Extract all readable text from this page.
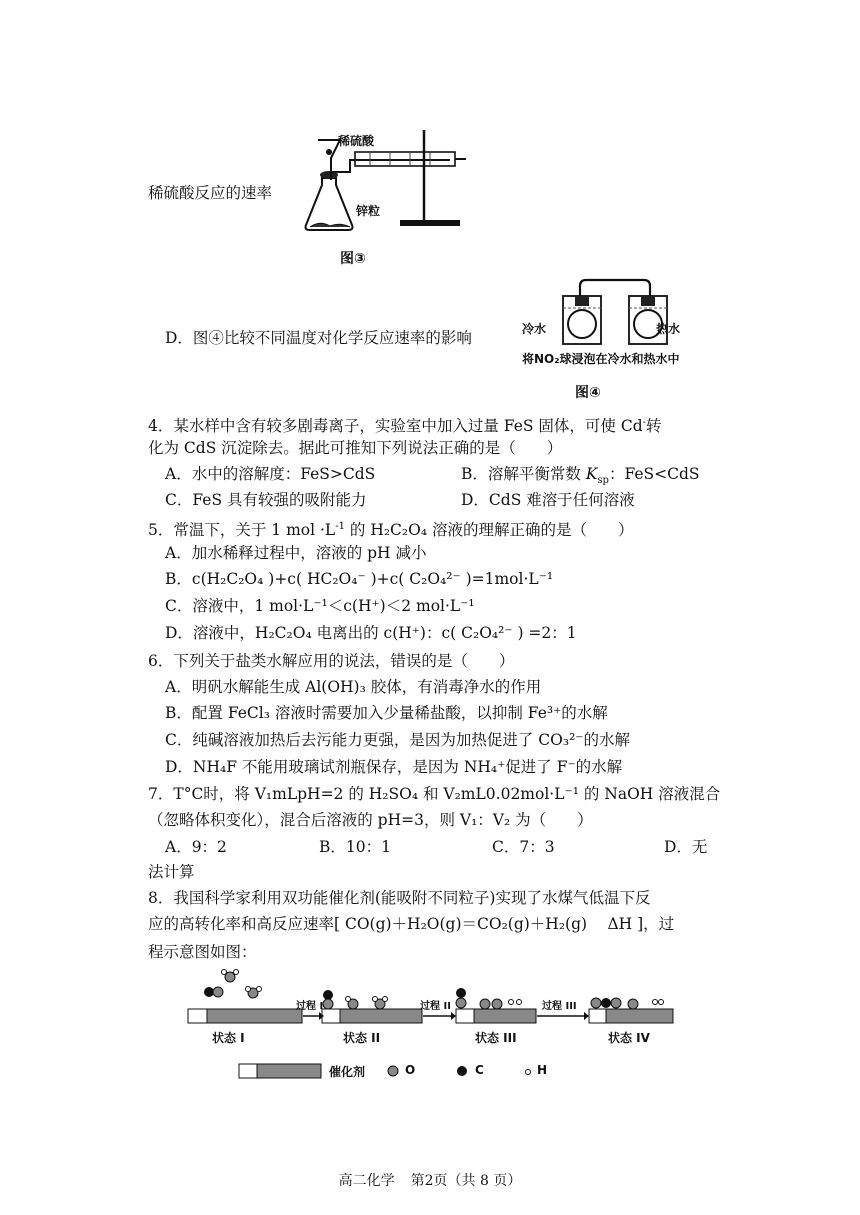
稀硫酸反应的速率
稀硫酸
锌粒
图③
D．图④比较不同温度对化学反应速率的影响	冷水	热水
将NO₂球浸泡在冷水和热水中
图④
4．某水样中含有较多剧毒离子，实验室中加入过量 FeS 固体，可使 Cd-转
化为 CdS 沉淀除去。据此可推知下列说法正确的是（　　）
A．水中的溶解度：FeS>CdS	B．溶解平衡常数 $K_{sp}$：FeS<CdS
C．FeS 具有较强的吸附能力	D．CdS 难溶于任何溶液
5．常温下，关于 1 mol $\cdot L^{-1}$ 的 H₂C₂O₄ 溶液的理解正确的是（　　）
A．加水稀释过程中，溶液的 pH 减小
B．c(H₂C₂O₄ )+c( HC₂O₄⁻ )+c( C₂O₄²⁻ )=1mol·L⁻¹
C．溶液中，1 mol·L⁻¹＜c(H⁺)＜2 mol·L⁻¹
D．溶液中，H₂C₂O₄ 电离出的 c(H⁺)：c( C₂O₄²⁻ ) =2：1
6．下列关于盐类水解应用的说法，错误的是（　　）
A．明矾水解能生成 Al(OH)₃ 胶体，有消毒净水的作用
B．配置 FeCl₃ 溶液时需要加入少量稀盐酸，以抑制 Fe³⁺的水解
C．纯碱溶液加热后去污能力更强，是因为加热促进了 CO₃²⁻的水解
D．NH₄F 不能用玻璃试剂瓶保存，是因为 NH₄⁺促进了 F⁻的水解
7．T°C时，将 V₁mLpH=2 的 H₂SO₄ 和 V₂mL0.02mol·L⁻¹ 的 NaOH 溶液混合
（忽略体积变化），混合后溶液的 pH=3，则 V₁：V₂ 为（　　）
A．9：2	B．10：1	C．7：3	D．无
法计算
8．我国科学家利用双功能催化剂(能吸附不同粒子)实现了水煤气低温下反
应的高转化率和高反应速率[ CO(g)＋H₂O(g)＝CO₂(g)＋H₂(g)　 ΔH ]，过
程示意图如图：
状态 I	状态 II	状态 III	状态 IV
过程 I	过程 II	过程 III
催化剂	O	C	H
高二化学 第2页（共 8 页）
